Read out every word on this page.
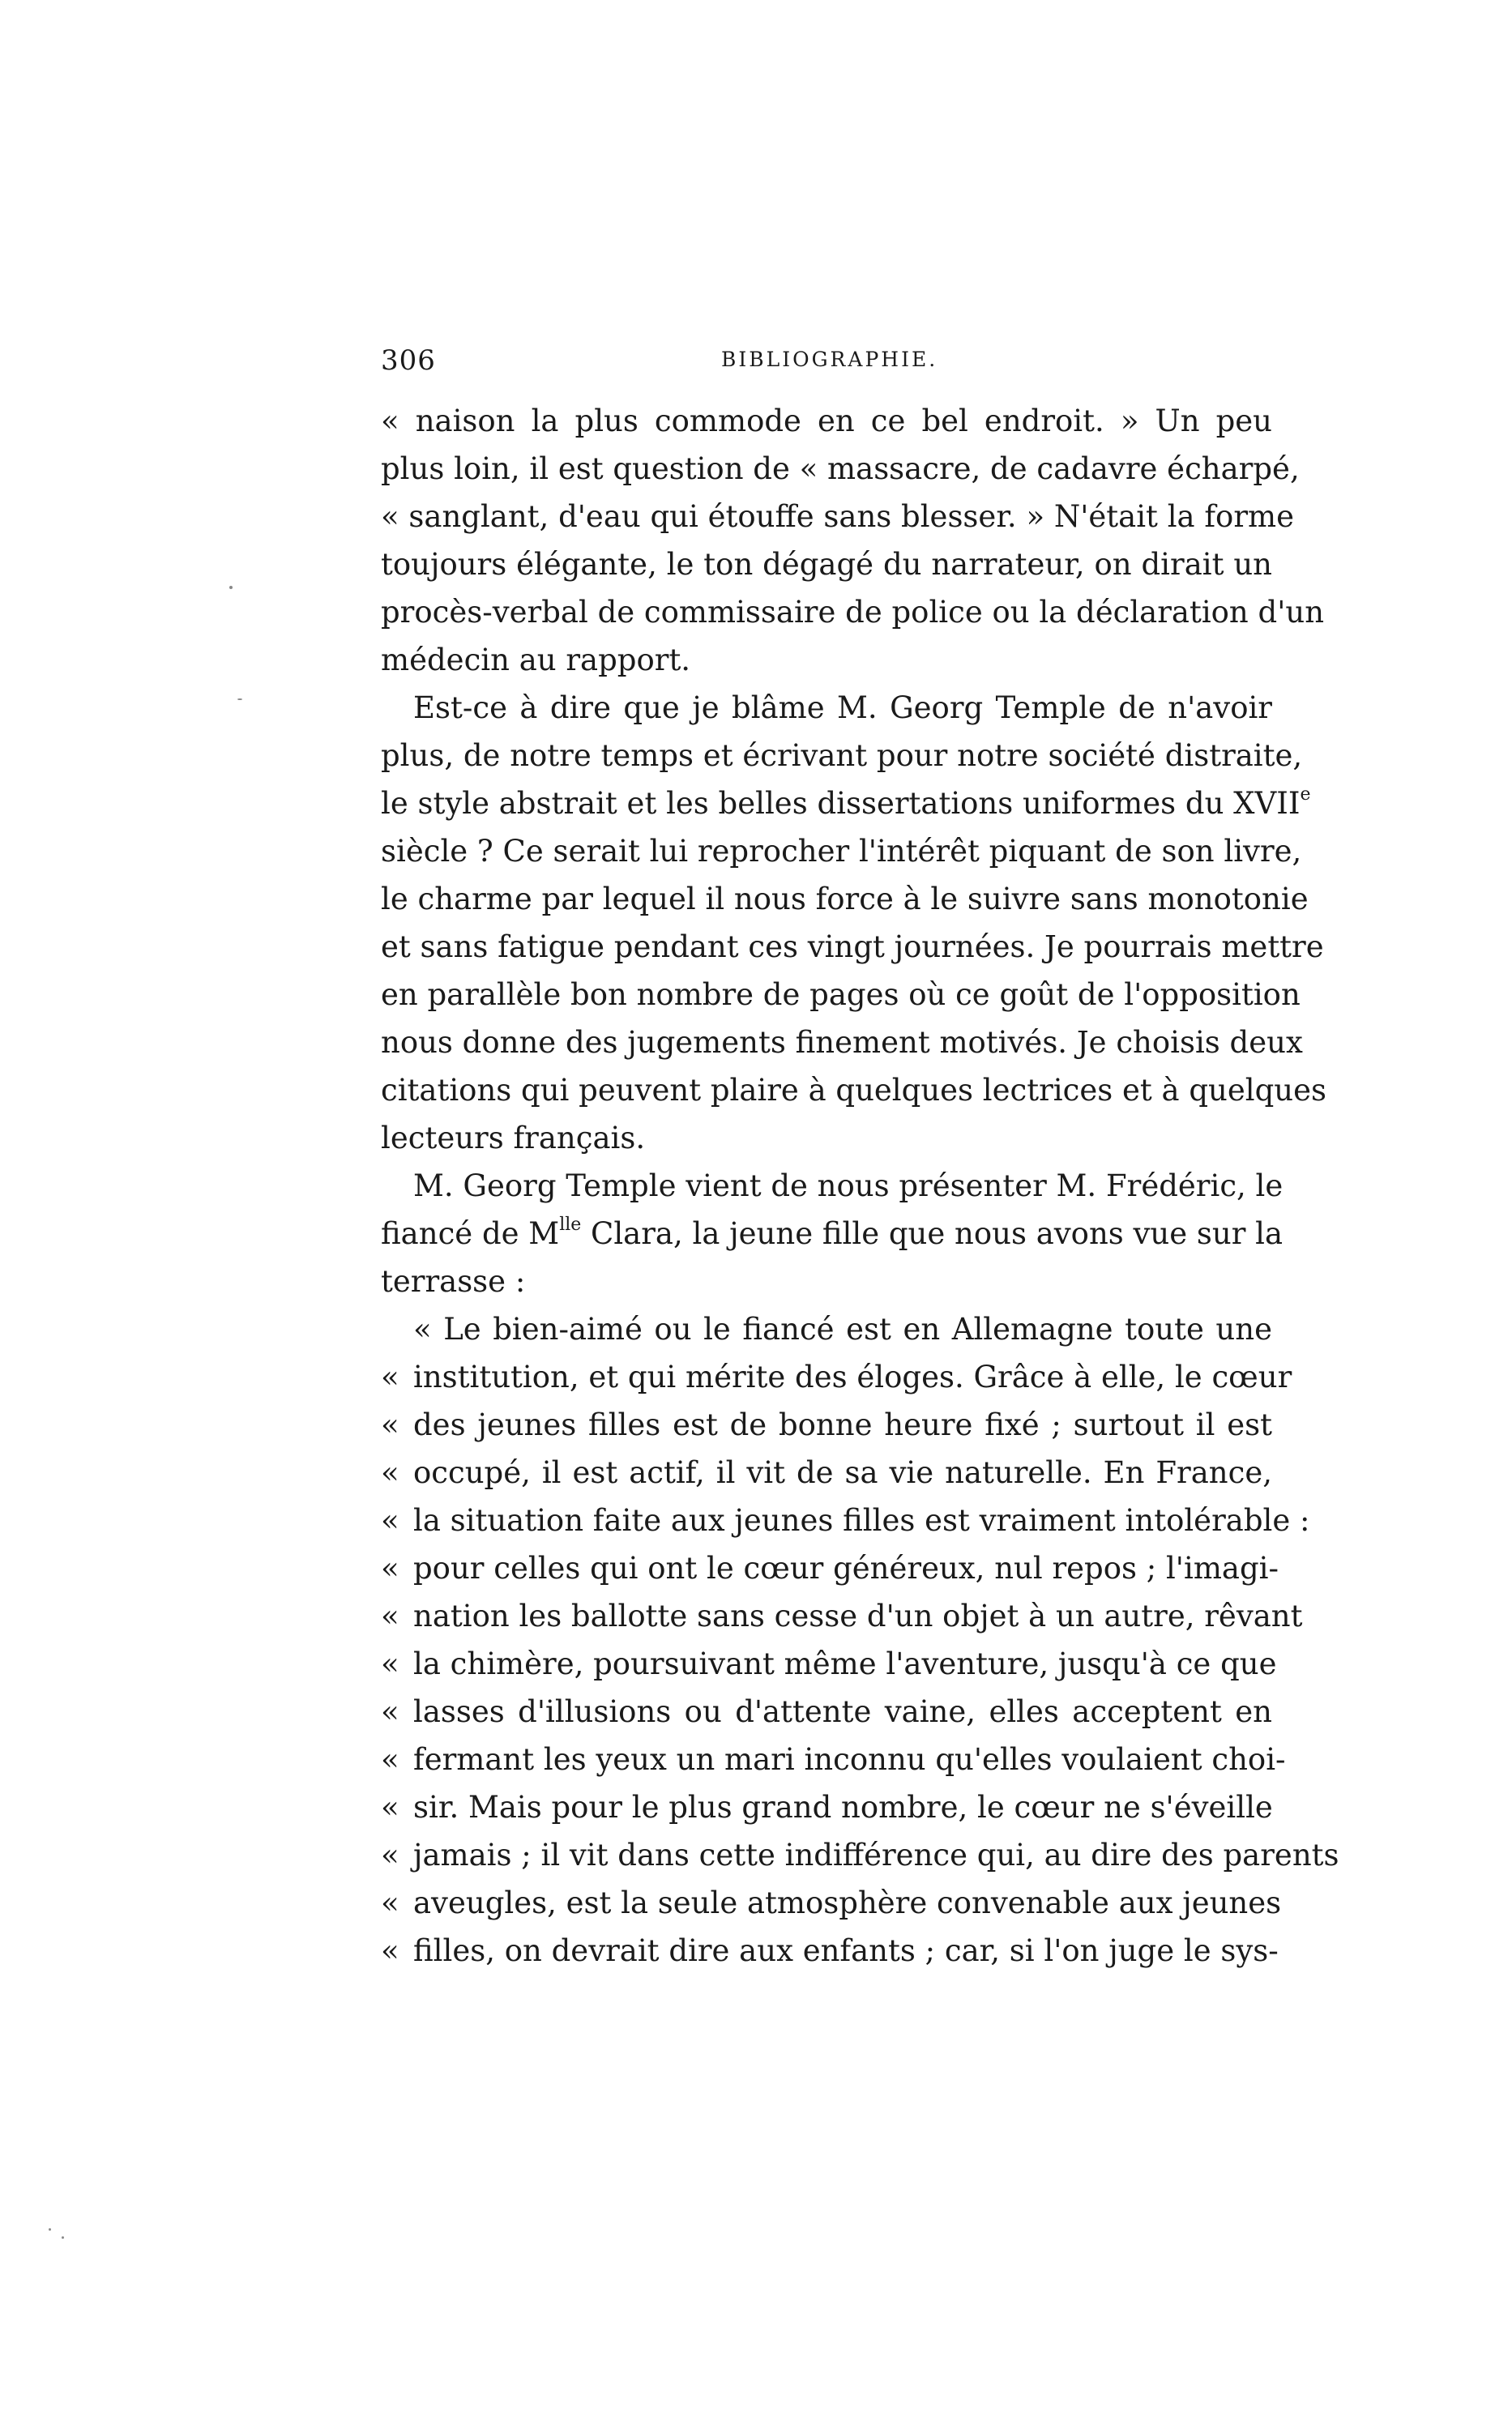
306	BIBLIOGRAPHIE.
« naison la plus commode en ce bel endroit. » Un peu
plus loin, il est question de « massacre, de cadavre écharpé,
« sanglant, d'eau qui étouffe sans blesser. » N'était la forme
toujours élégante, le ton dégagé du narrateur, on dirait un
procès-verbal de commissaire de police ou la déclaration d'un
médecin au rapport.
Est-ce à dire que je blâme M. Georg Temple de n'avoir
plus, de notre temps et écrivant pour notre société distraite,
le style abstrait et les belles dissertations uniformes du XVIIe
siècle ? Ce serait lui reprocher l'intérêt piquant de son livre,
le charme par lequel il nous force à le suivre sans monotonie
et sans fatigue pendant ces vingt journées. Je pourrais mettre
en parallèle bon nombre de pages où ce goût de l'opposition
nous donne des jugements finement motivés. Je choisis deux
citations qui peuvent plaire à quelques lectrices et à quelques
lecteurs français.
M. Georg Temple vient de nous présenter M. Frédéric, le
fiancé de $M^{lle}$ Clara, la jeune fille que nous avons vue sur la
terrasse :
« Le bien-aimé ou le fiancé est en Allemagne toute une
« institution, et qui mérite des éloges. Grâce à elle, le cœur
« des jeunes filles est de bonne heure fixé ; surtout il est
« occupé, il est actif, il vit de sa vie naturelle. En France,
« la situation faite aux jeunes filles est vraiment intolérable :
« pour celles qui ont le cœur généreux, nul repos ; l'imagi-
« nation les ballotte sans cesse d'un objet à un autre, rêvant
« la chimère, poursuivant même l'aventure, jusqu'à ce que
« lasses d'illusions ou d'attente vaine, elles acceptent en
« fermant les yeux un mari inconnu qu'elles voulaient choi-
« sir. Mais pour le plus grand nombre, le cœur ne s'éveille
« jamais ; il vit dans cette indifférence qui, au dire des parents
« aveugles, est la seule atmosphère convenable aux jeunes
« filles, on devrait dire aux enfants ; car, si l'on juge le sys-
